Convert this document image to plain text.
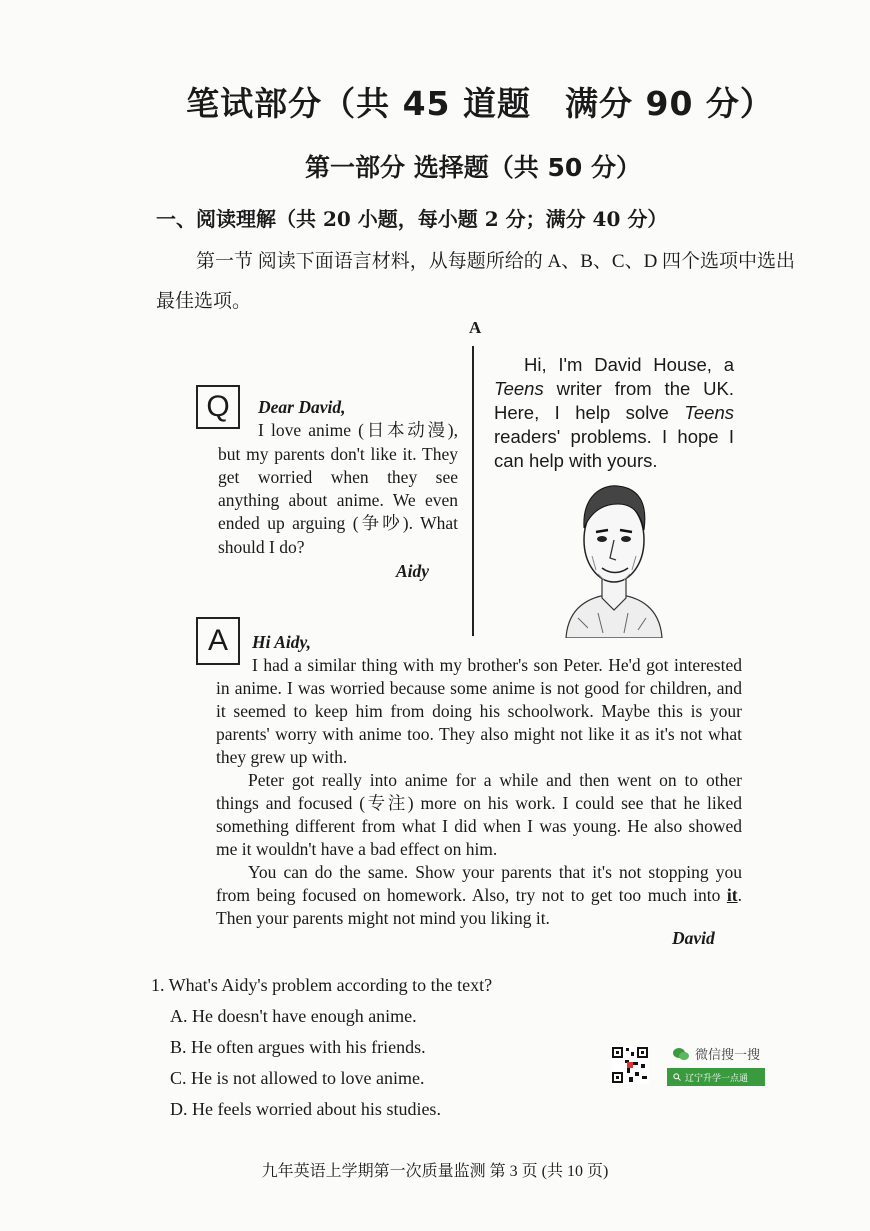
笔试部分（共 45 道题　满分 90 分）
第一部分 选择题（共 50 分）
一、阅读理解（共 20 小题，每小题 2 分；满分 40 分）
第一节 阅读下面语言材料，从每题所给的 A、B、C、D 四个选项中选出最佳选项。
A
Hi, I'm David House, a Teens writer from the UK. Here, I help solve Teens readers' problems. I hope I can help with yours.
Q	Dear David,

I love anime (日本动漫), but my parents don't like it. They get worried when they see anything about anime. We even ended up arguing (争吵). What should I do?

Aidy
A	Hi Aidy,

I had a similar thing with my brother's son Peter. He'd got interested in anime. I was worried because some anime is not good for children, and it seemed to keep him from doing his schoolwork. Maybe this is your parents' worry with anime too. They also might not like it as it's not what they grew up with.

Peter got really into anime for a while and then went on to other things and focused (专注) more on his work. I could see that he liked something different from what I did when I was young. He also showed me it wouldn't have a bad effect on him.

You can do the same. Show your parents that it's not stopping you from being focused on homework. Also, try not to get too much into it. Then your parents might not mind you liking it.

David
1. What's Aidy's problem according to the text?
A. He doesn't have enough anime.
B. He often argues with his friends.
C. He is not allowed to love anime.
D. He feels worried about his studies.
微信搜一搜
辽宁升学一点通
九年英语上学期第一次质量监测 第 3 页 (共 10 页)
